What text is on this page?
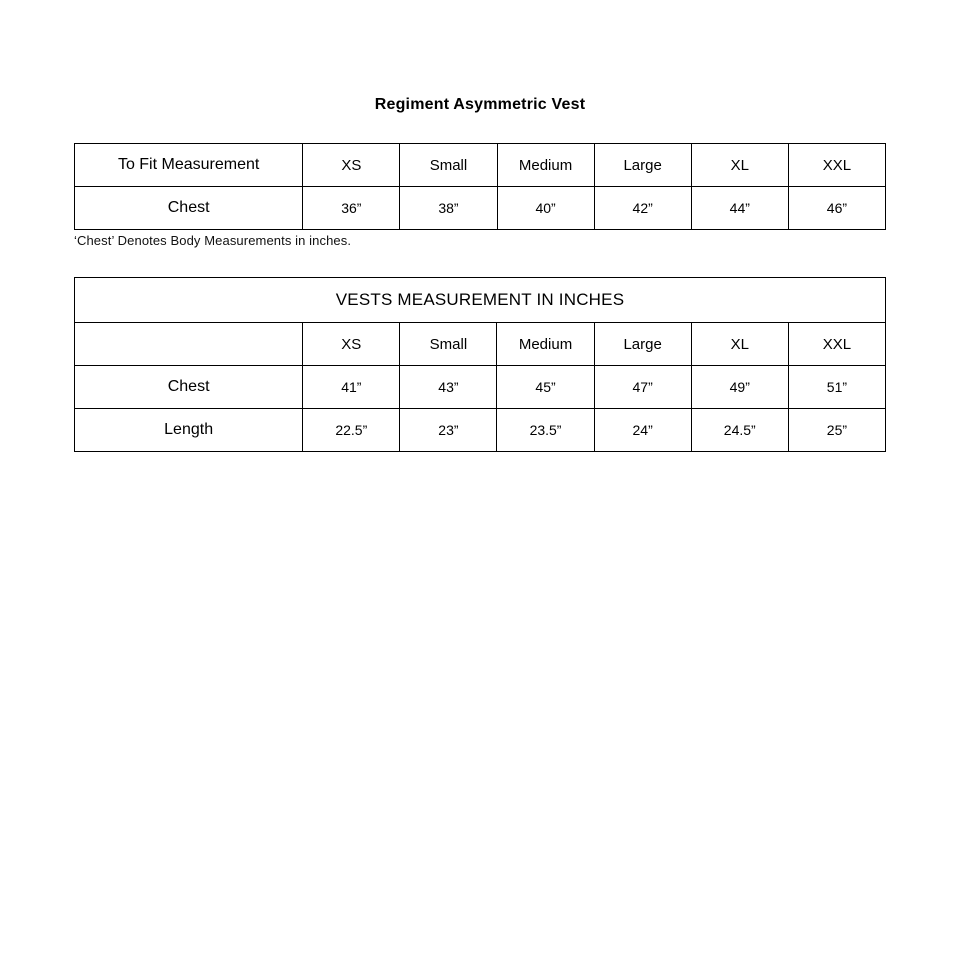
Regiment Asymmetric Vest
To Fit Measurement	XS	Small	Medium	Large	XL	XXL
Chest	36”	38”	40”	42”	44”	46”
‘Chest’ Denotes Body Measurements in inches.
VESTS MEASUREMENT IN INCHES						
	XS	Small	Medium	Large	XL	XXL
Chest	41”	43”	45”	47”	49”	51”
Length	22.5”	23”	23.5”	24”	24.5”	25”
